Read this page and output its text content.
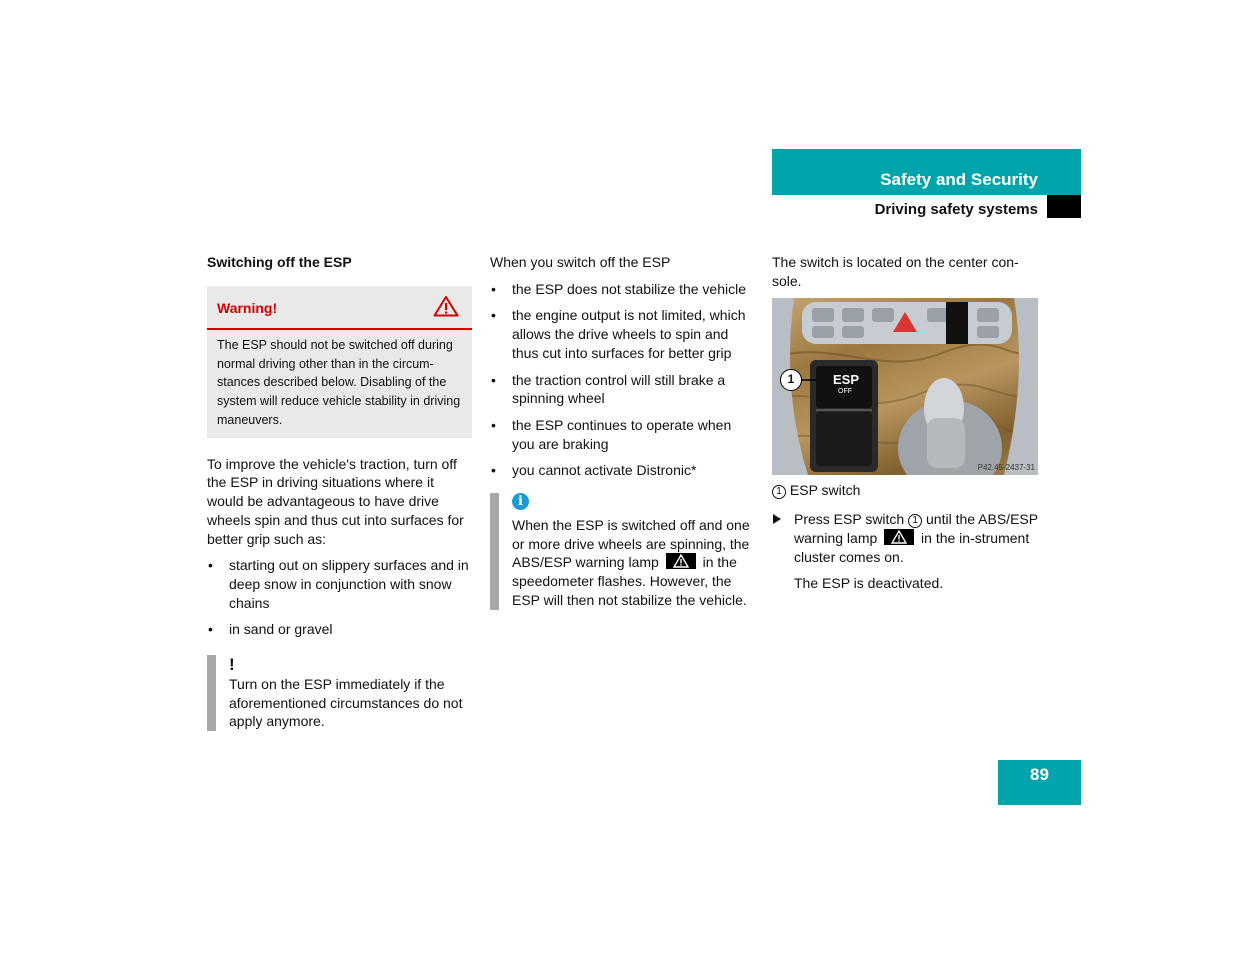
Safety and Security
Driving safety systems
Switching off the ESP
Warning!
The ESP should not be switched off during normal driving other than in the circum-stances described below. Disabling of the system will reduce vehicle stability in driving maneuvers.
To improve the vehicle's traction, turn off the ESP in driving situations where it would be advantageous to have drive wheels spin and thus cut into surfaces for better grip such as:
• starting out on slippery surfaces and in deep snow in conjunction with snow chains
• in sand or gravel
!
Turn on the ESP immediately if the aforementioned circumstances do not apply anymore.
When you switch off the ESP
• the ESP does not stabilize the vehicle
• the engine output is not limited, which allows the drive wheels to spin and thus cut into surfaces for better grip
• the traction control will still brake a spinning wheel
• the ESP continues to operate when you are braking
• you cannot activate Distronic*
i
When the ESP is switched off and one or more drive wheels are spinning, the ABS/ESP warning lamp	in the speedometer flashes. However, the ESP will then not stabilize the vehicle.
The switch is located on the center con-sole.
ESP
OFF
1
P42.45-2437-31
1 ESP switch
Press ESP switch 1 until the ABS/ESP warning lamp	in the in-strument cluster comes on.
The ESP is deactivated.
89
